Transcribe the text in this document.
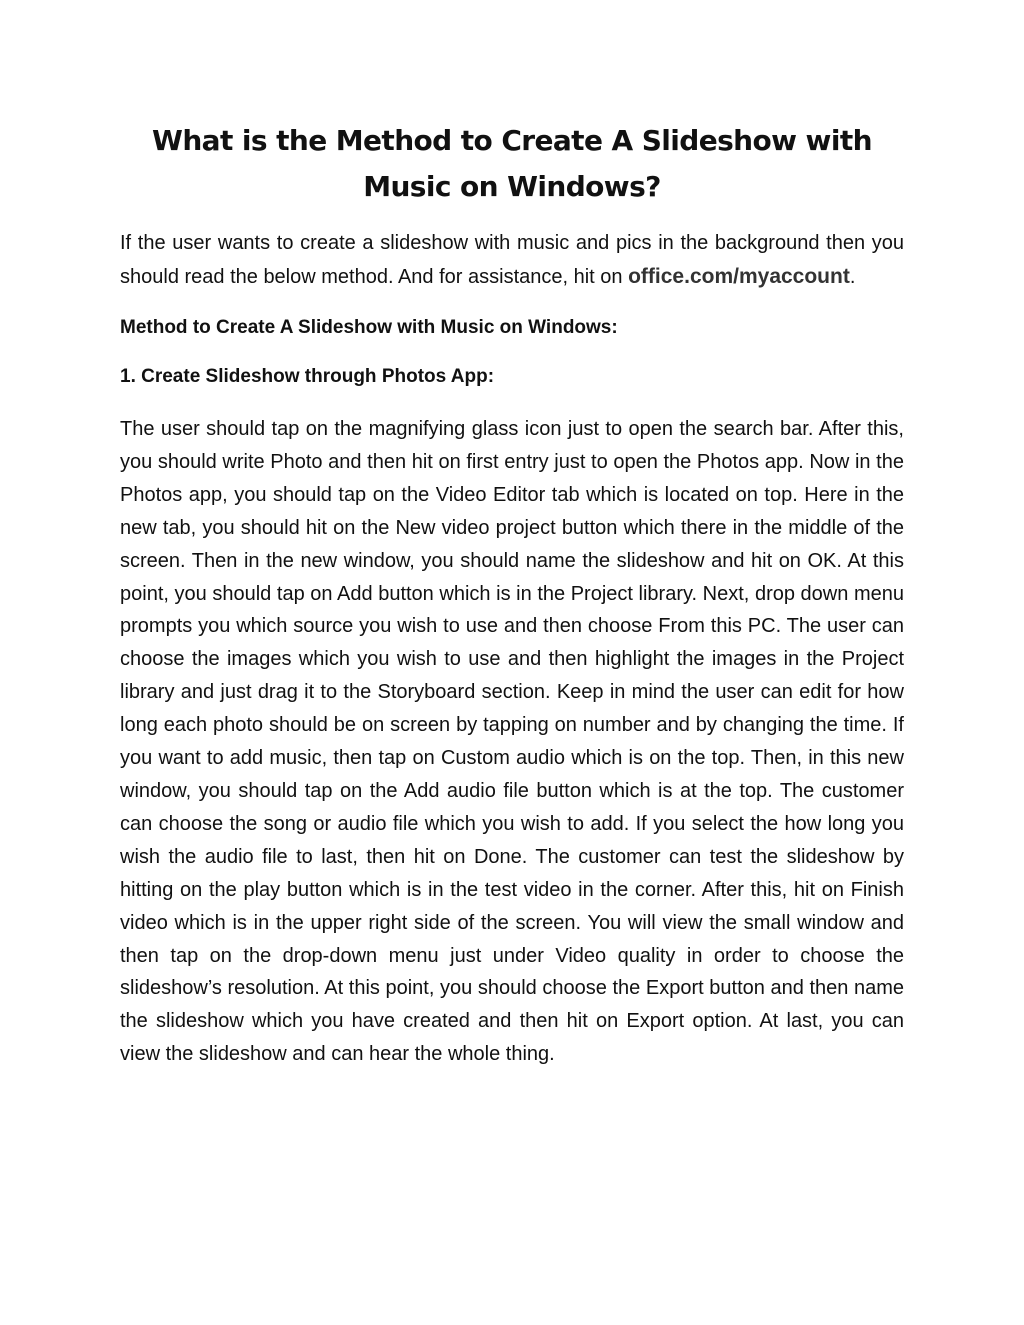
What is the Method to Create A Slideshow with Music on Windows?

If the user wants to create a slideshow with music and pics in the background then you should read the below method. And for assistance, hit on office.com/myaccount.

Method to Create A Slideshow with Music on Windows:
1. Create Slideshow through Photos App:

The user should tap on the magnifying glass icon just to open the search bar. After this, you should write Photo and then hit on first entry just to open the Photos app. Now in the Photos app, you should tap on the Video Editor tab which is located on top. Here in the new tab, you should hit on the New video project button which there in the middle of the screen. Then in the new window, you should name the slideshow and hit on OK. At this point, you should tap on Add button which is in the Project library. Next, drop down menu prompts you which source you wish to use and then choose From this PC. The user can choose the images which you wish to use and then highlight the images in the Project library and just drag it to the Storyboard section. Keep in mind the user can edit for how long each photo should be on screen by tapping on number and by changing the time. If you want to add music, then tap on Custom audio which is on the top. Then, in this new window, you should tap on the Add audio file button which is at the top. The customer can choose the song or audio file which you wish to add. If you select the how long you wish the audio file to last, then hit on Done. The customer can test the slideshow by hitting on the play button which is in the test video in the corner. After this, hit on Finish video which is in the upper right side of the screen. You will view the small window and then tap on the drop-down menu just under Video quality in order to choose the slideshow’s resolution. At this point, you should choose the Export button and then name the slideshow which you have created and then hit on Export option. At last, you can view the slideshow and can hear the whole thing.
